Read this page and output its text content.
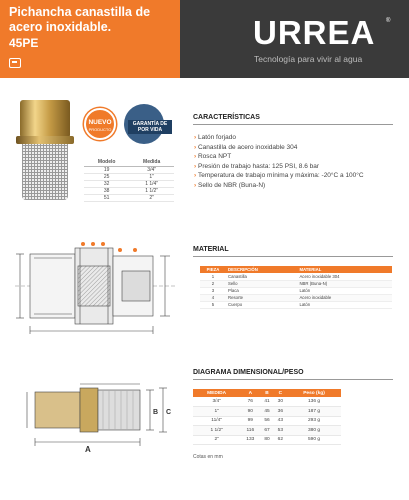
Pichancha canastilla de acero inoxidable.
45PE	URREA ®
Tecnología para vivir al agua
NUEVO
PRODUCTO
GARANTÍA DE POR VIDA
Modelo	Medida
19	3/4"
25	1"
32	1 1/4"
38	1 1/2"
51	2"
CARACTERÍSTICAS
› Latón forjado
› Canastilla de acero inoxidable 304
› Rosca NPT
› Presión de trabajo hasta: 125 PSI, 8.6 bar
› Temperatura de trabajo mínima y máxima: -20°C a 100°C
› Sello de NBR (Buna-N)
MATERIAL
PIEZA	DESCRIPCIÓN	MATERIAL
1	Canastilla	Acero inoxidable 304
2	Sello	NBR (Buna-N)
3	Placa	Latón
4	Resorte	Acero inoxidable
5	Cuerpo	Latón
A
B C
DIAGRAMA DIMENSIONAL/PESO
MEDIDA	A	B	C	Peso (kg)
3/4"	76	41	30	136 g
1"	90	45	36	187 g
11/4"	99	56	43	293 g
1 1/2"	116	67	53	380 g
2"	133	80	62	590 g
Cotas en mm
